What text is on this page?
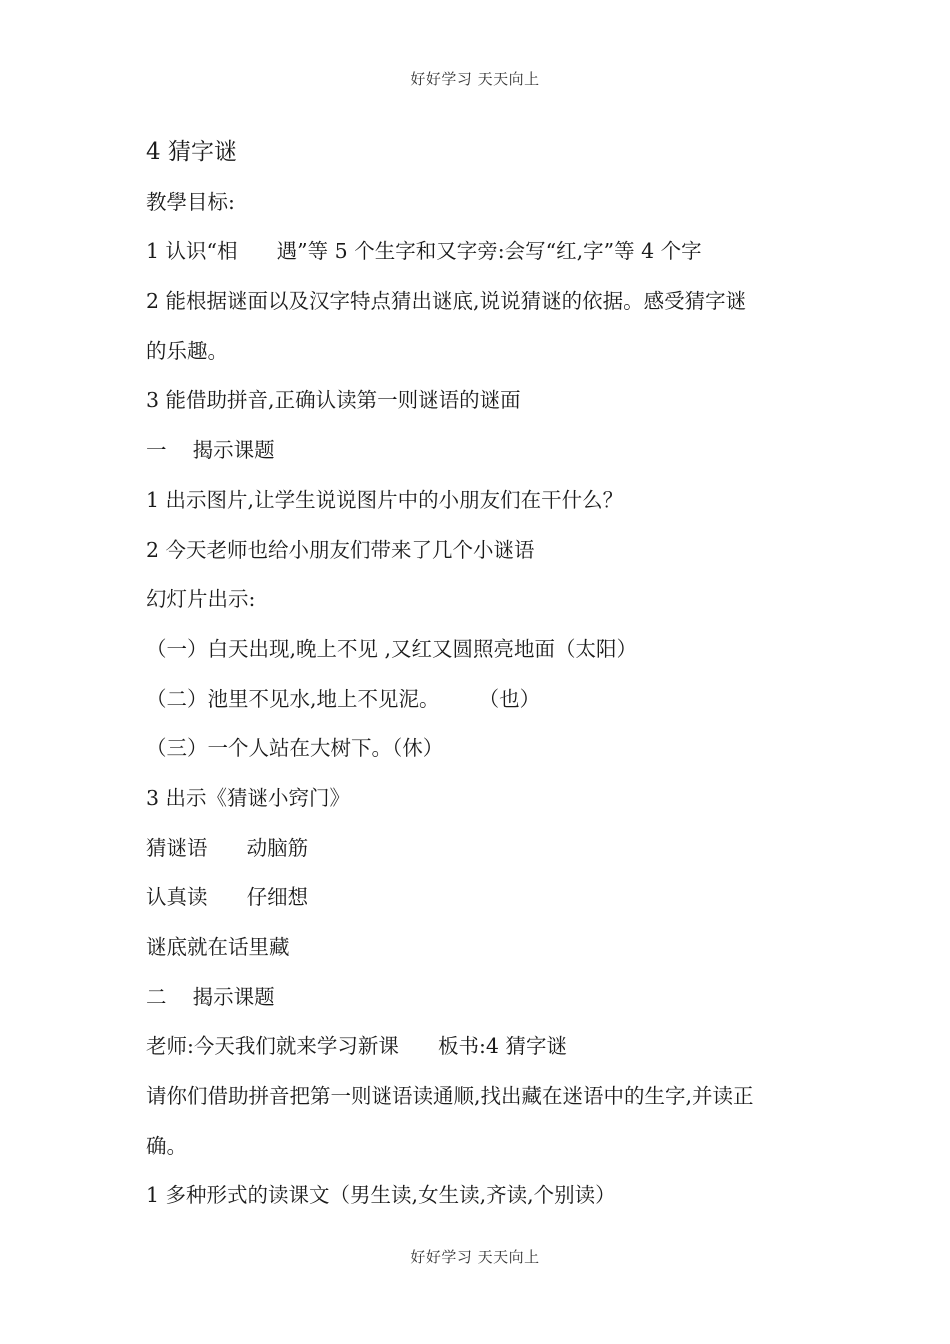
好好学习 天天向上
4 猜字谜
教學目标:
1 认识“相      遇”等 5 个生字和又字旁:会写“红,字”等 4 个字
2 能根据谜面以及汉字特点猜出谜底,说说猜谜的依据。感受猜字谜
的乐趣。
3 能借助拼音,正确认读第一则谜语的谜面
一    揭示课题
1 出示图片,让学生说说图片中的小朋友们在干什么？
2 今天老师也给小朋友们带来了几个小谜语
幻灯片出示:
（一）白天出现,晚上不见 ,又红又圆照亮地面（太阳）
（二）池里不见水,地上不见泥。      （也）
（三）一个人站在大树下。（休）
3 出示《猜谜小窍门》
猜谜语      动脑筋
认真读      仔细想
谜底就在话里藏
二    揭示课题
老师:今天我们就来学习新课      板书:4 猜字谜
请你们借助拼音把第一则谜语读通顺,找出藏在迷语中的生字,并读正
确。
1 多种形式的读课文（男生读,女生读,齐读,个别读）
好好学习 天天向上
